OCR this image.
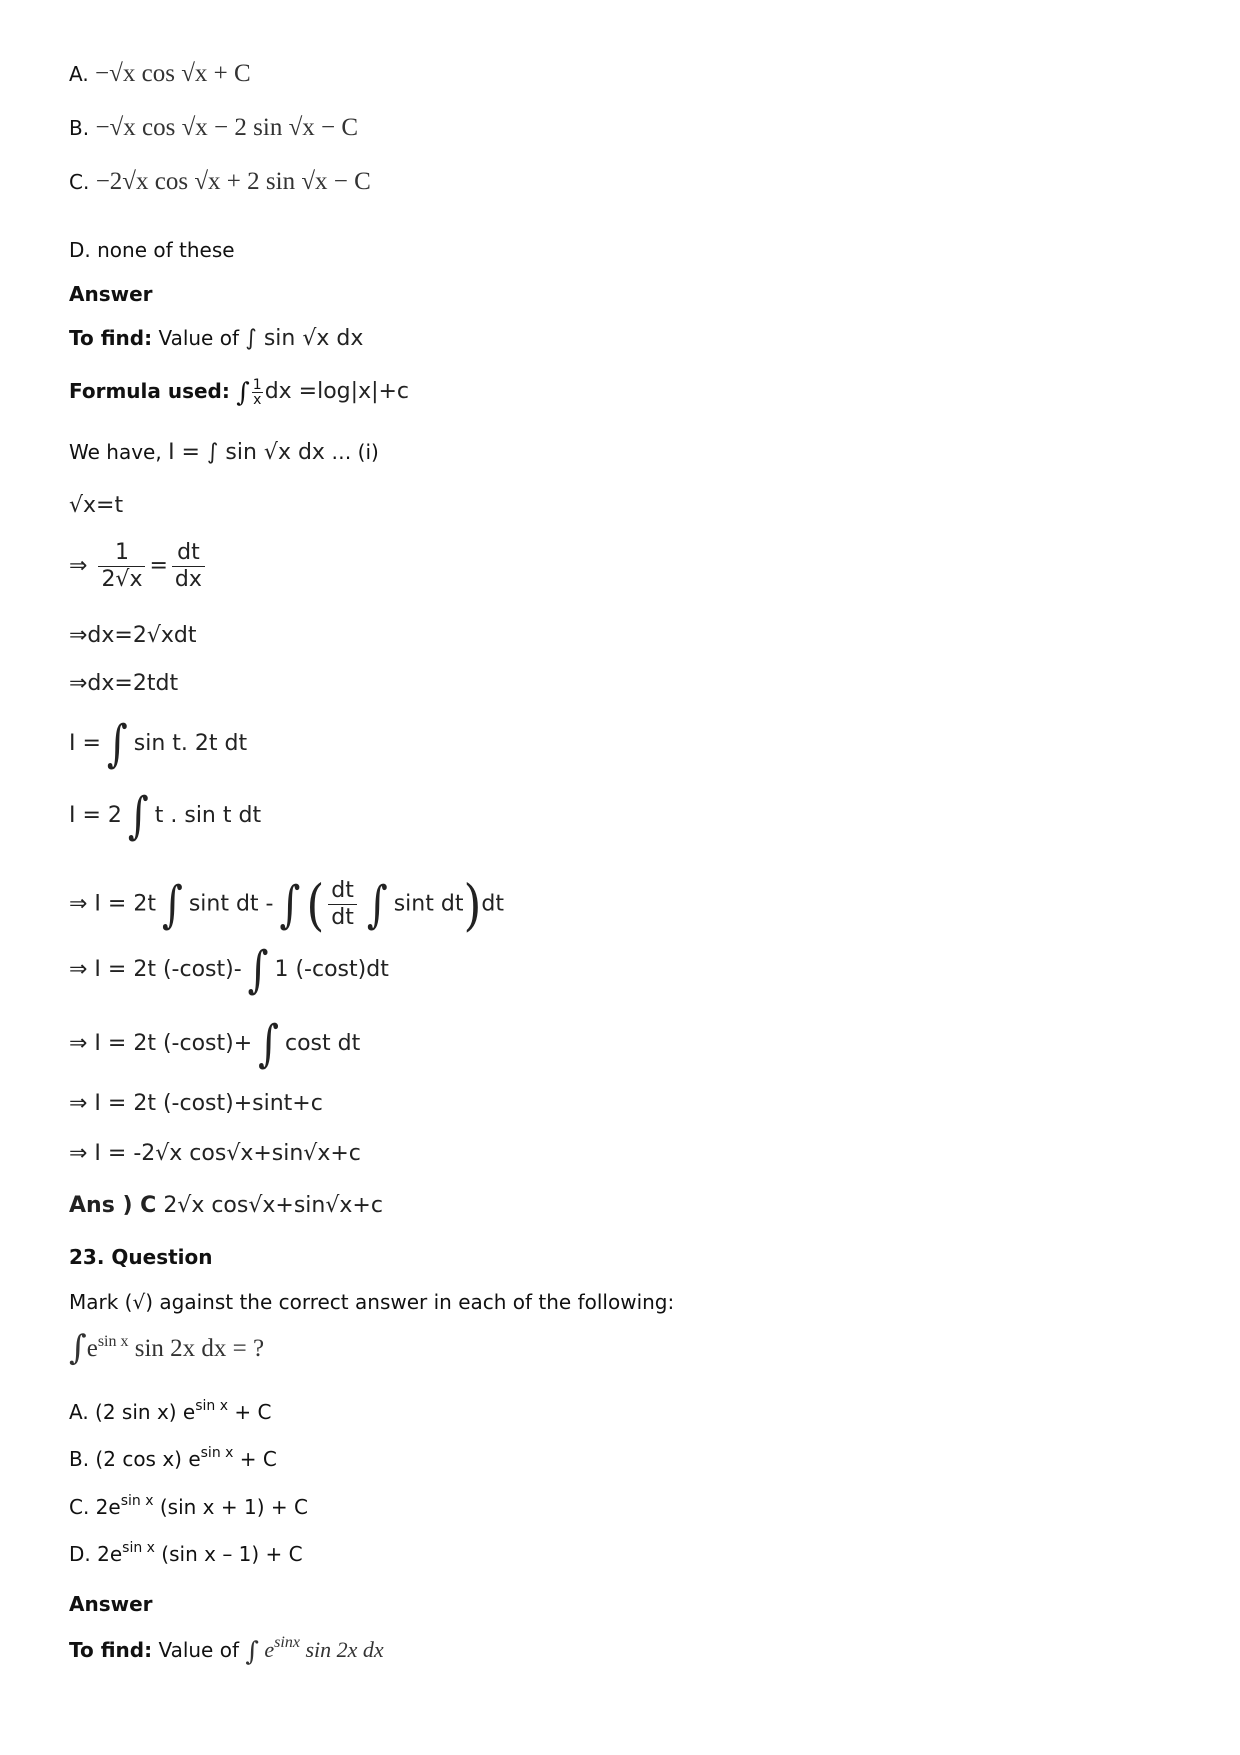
A. −√x cos √x + C
B. −√x cos √x − 2 sin √x − C
C. −2√x cos √x + 2 sin √x − C
D. none of these
Answer
To find: Value of ∫ sin √x dx
Formula used: ∫ $\frac{1}{x}$ dx =log|x|+c
We have, I = ∫ sin √x dx … (i)
√x=t
⇒ $\frac{1}{2√x} = \frac{dt}{dx}$
⇒dx=2√xdt
⇒dx=2tdt
I = ∫ sin t. 2t dt
I = 2 ∫ t . sin t dt
⇒ I = 2t ∫ sint dt - ∫ ( $\frac{dt}{dt}$ ∫ sint dt)dt
⇒ I = 2t (-cost)- ∫ 1 (-cost)dt
⇒ I = 2t (-cost)+ ∫ cost dt
⇒ I = 2t (-cost)+sint+c
⇒ I = -2√x cos√x+sin√x+c
Ans ) C 2√x cos√x+sin√x+c
23. Question
Mark (√) against the correct answer in each of the following:
$\int e^{sin x}$ sin 2x dx = ?
A. (2 sin x) $e^{sin x} + C$
B. (2 cos x) $e^{sin x} + C$
C. $2e^{sin x}$ (sin x + 1) + C
D. $2e^{sin x}$ (sin x – 1) + C
Answer
To find: Value of ∫ $e^{sinx}$ sin 2x dx
